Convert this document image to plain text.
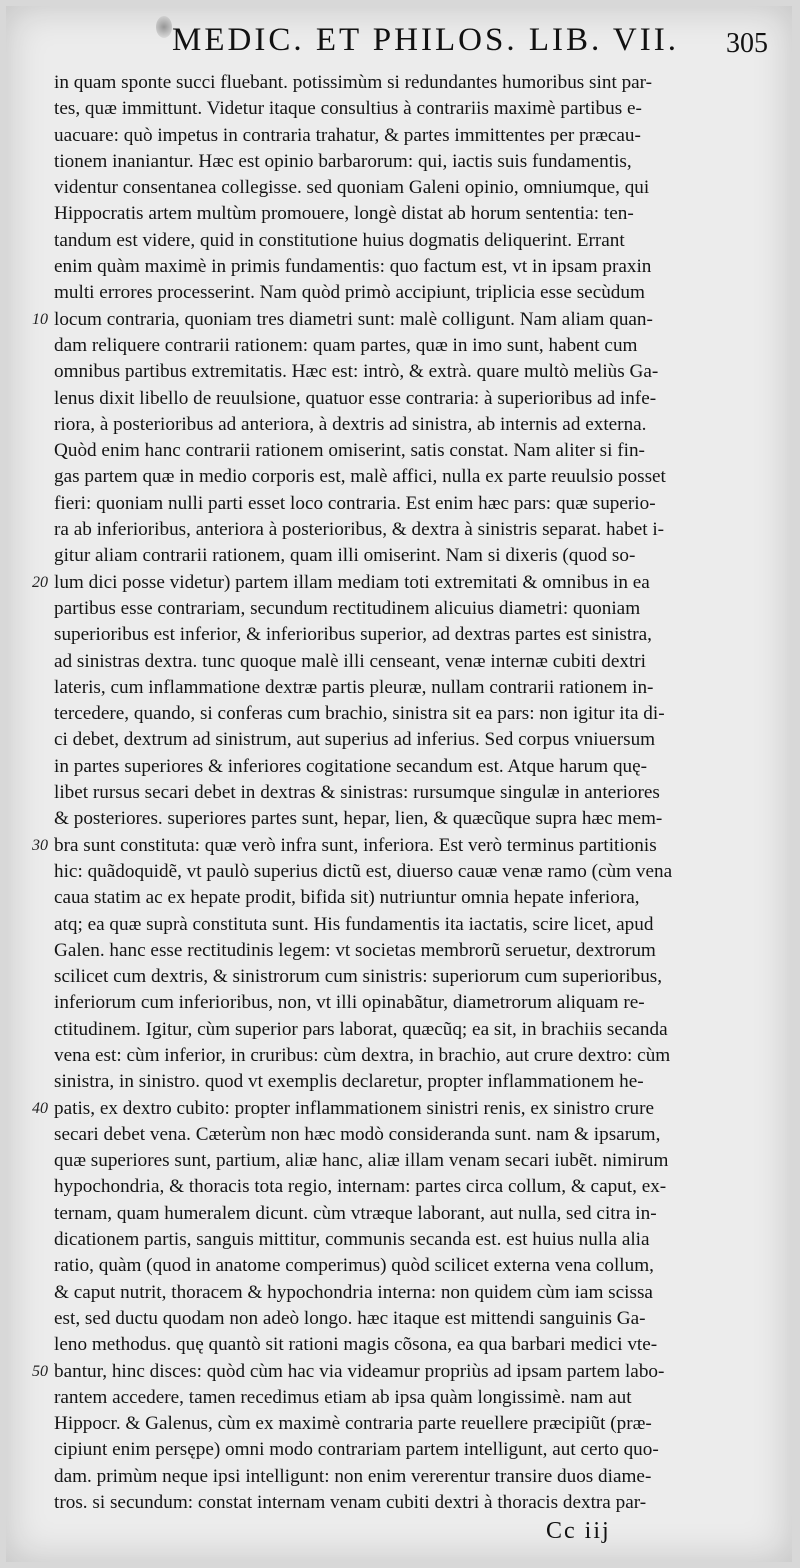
MEDIC. ET PHILOS. LIB. VII. 305
in quam sponte succi fluebant. potissimùm si redundantes humoribus sint par-
tes, quæ immittunt. Videtur itaque consultius à contrariis maximè partibus e-
uacuare: quò impetus in contraria trahatur, & partes immittentes per præcau-
tionem inaniantur. Hæc est opinio barbarorum: qui, iactis suis fundamentis,
videntur consentanea collegisse. sed quoniam Galeni opinio, omniumque, qui
Hippocratis artem multùm promouere, longè distat ab horum sententia: ten-
tandum est videre, quid in constitutione huius dogmatis deliquerint. Errant
enim quàm maximè in primis fundamentis: quo factum est, vt in ipsam praxin
multi errores processerint. Nam quòd primò accipiunt, triplicia esse secùdum
locum contraria, quoniam tres diametri sunt: malè colligunt. Nam aliam quan-
dam reliquere contrarii rationem: quam partes, quæ in imo sunt, habent cum
omnibus partibus extremitatis. Hæc est: intrò, & extrà. quare multò meliùs Ga-
lenus dixit libello de reuulsione, quatuor esse contraria: à superioribus ad infe-
riora, à posterioribus ad anteriora, à dextris ad sinistra, ab internis ad externa.
Quòd enim hanc contrarii rationem omiserint, satis constat. Nam aliter si fin-
gas partem quæ in medio corporis est, malè affici, nulla ex parte reuulsio posset
fieri: quoniam nulli parti esset loco contraria. Est enim hæc pars: quæ superio-
ra ab inferioribus, anteriora à posterioribus, & dextra à sinistris separat. habet i-
gitur aliam contrarii rationem, quam illi omiserint. Nam si dixeris (quod so-
lum dici posse videtur) partem illam mediam toti extremitati & omnibus in ea
partibus esse contrariam, secundum rectitudinem alicuius diametri: quoniam
superioribus est inferior, & inferioribus superior, ad dextras partes est sinistra,
ad sinistras dextra. tunc quoque malè illi censeant, venæ internæ cubiti dextri
lateris, cum inflammatione dextræ partis pleuræ, nullam contrarii rationem in-
tercedere, quando, si conferas cum brachio, sinistra sit ea pars: non igitur ita di-
ci debet, dextrum ad sinistrum, aut superius ad inferius. Sed corpus vniuersum
in partes superiores & inferiores cogitatione secandum est. Atque harum quę-
libet rursus secari debet in dextras & sinistras: rursumque singulæ in anteriores
& posteriores. superiores partes sunt, hepar, lien, & quæcũque supra hæc mem-
bra sunt constituta: quæ verò infra sunt, inferiora. Est verò terminus partitionis
hic: quãdoquidẽ, vt paulò superius dictũ est, diuerso cauæ venæ ramo (cùm vena
caua statim ac ex hepate prodit, bifida sit) nutriuntur omnia hepate inferiora,
atq; ea quæ suprà constituta sunt. His fundamentis ita iactatis, scire licet, apud
Galen. hanc esse rectitudinis legem: vt societas membrorũ seruetur, dextrorum
scilicet cum dextris, & sinistrorum cum sinistris: superiorum cum superioribus,
inferiorum cum inferioribus, non, vt illi opinabãtur, diametrorum aliquam re-
ctitudinem. Igitur, cùm superior pars laborat, quæcũq; ea sit, in brachiis secanda
vena est: cùm inferior, in cruribus: cùm dextra, in brachio, aut crure dextro: cùm
sinistra, in sinistro. quod vt exemplis declaretur, propter inflammationem he-
patis, ex dextro cubito: propter inflammationem sinistri renis, ex sinistro crure
secari debet vena. Cæterùm non hæc modò consideranda sunt. nam & ipsarum,
quæ superiores sunt, partium, aliæ hanc, aliæ illam venam secari iubẽt. nimirum
hypochondria, & thoracis tota regio, internam: partes circa collum, & caput, ex-
ternam, quam humeralem dicunt. cùm vtræque laborant, aut nulla, sed citra in-
dicationem partis, sanguis mittitur, communis secanda est. est huius nulla alia
ratio, quàm (quod in anatome comperimus) quòd scilicet externa vena collum,
& caput nutrit, thoracem & hypochondria interna: non quidem cùm iam scissa
est, sed ductu quodam non adeò longo. hæc itaque est mittendi sanguinis Ga-
leno methodus. quę quantò sit rationi magis cõsona, ea qua barbari medici vte-
bantur, hinc disces: quòd cùm hac via videamur propriùs ad ipsam partem labo-
rantem accedere, tamen recedimus etiam ab ipsa quàm longissimè. nam aut
Hippocr. & Galenus, cùm ex maximè contraria parte reuellere præcipiũt (præ-
cipiunt enim persępe) omni modo contrariam partem intelligunt, aut certo quo-
dam. primùm neque ipsi intelligunt: non enim vererentur transire duos diame-
tros. si secundum: constat internam venam cubiti dextri à thoracis dextra par-
Cc iij
10
20
30
40
50
